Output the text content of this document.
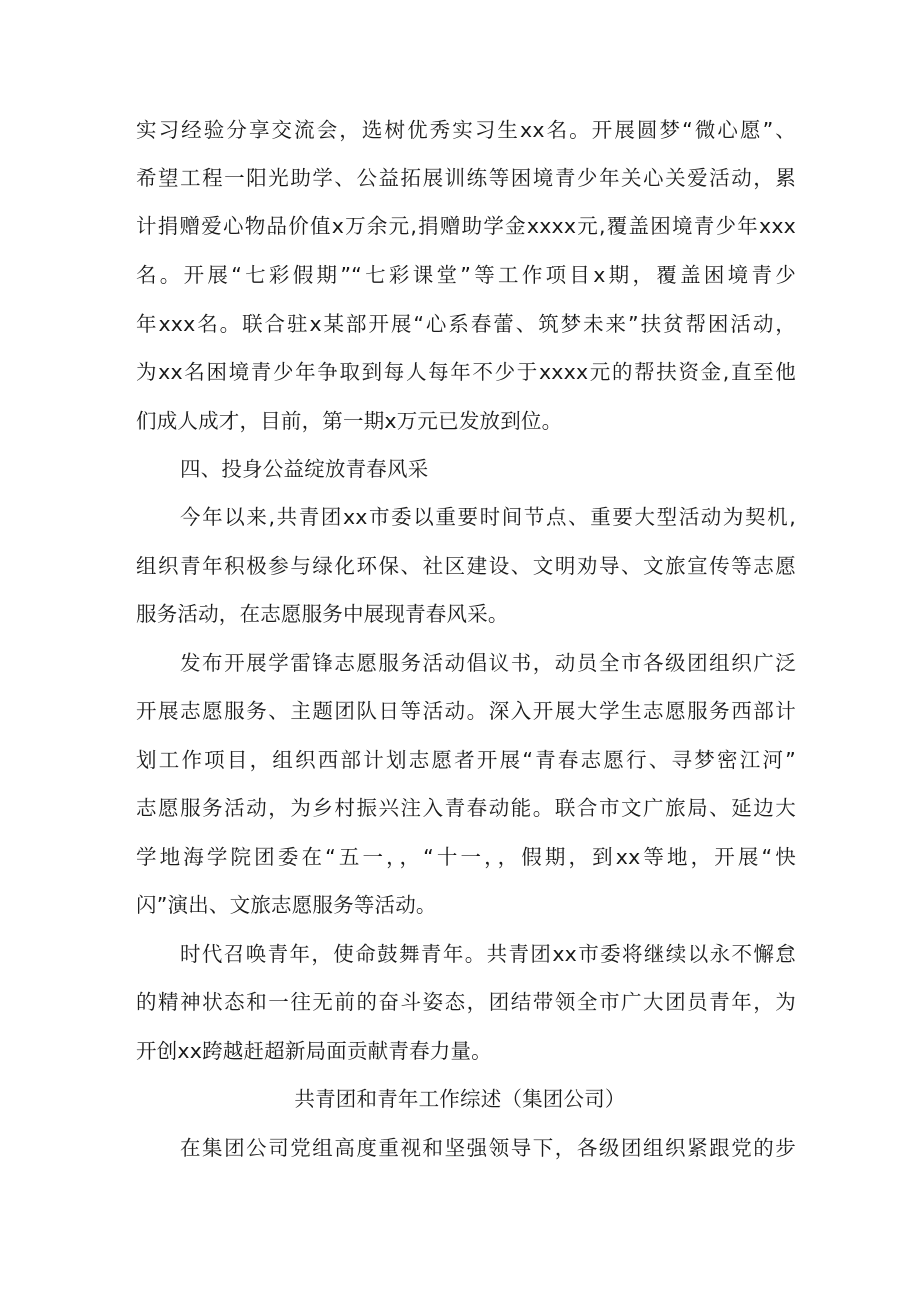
实习经验分享交流会，选树优秀实习生xx名。开展圆梦“微心愿”、
希望工程一阳光助学、公益拓展训练等困境青少年关心关爱活动，累
计捐赠爱心物品价值x万余元,捐赠助学金xxxx元,覆盖困境青少年xxx
名。开展“七彩假期”“七彩课堂”等工作项目x期，覆盖困境青少
年xxx名。联合驻x某部开展“心系春蕾、筑梦未来”扶贫帮困活动，
为xx名困境青少年争取到每人每年不少于xxxx元的帮扶资金,直至他
们成人成才，目前，第一期x万元已发放到位。
四、投身公益绽放青春风采
今年以来,共青团xx市委以重要时间节点、重要大型活动为契机,
组织青年积极参与绿化环保、社区建设、文明劝导、文旅宣传等志愿
服务活动，在志愿服务中展现青春风采。
发布开展学雷锋志愿服务活动倡议书，动员全市各级团组织广泛
开展志愿服务、主题团队日等活动。深入开展大学生志愿服务西部计
划工作项目，组织西部计划志愿者开展“青春志愿行、寻梦密江河”
志愿服务活动，为乡村振兴注入青春动能。联合市文广旅局、延边大
学地海学院团委在“五一，，“十一，，假期，到xx等地，开展“快
闪”演出、文旅志愿服务等活动。
时代召唤青年，使命鼓舞青年。共青团xx市委将继续以永不懈怠
的精神状态和一往无前的奋斗姿态，团结带领全市广大团员青年，为
开创xx跨越赶超新局面贡献青春力量。
共青团和青年工作综述（集团公司）
在集团公司党组高度重视和坚强领导下，各级团组织紧跟党的步
